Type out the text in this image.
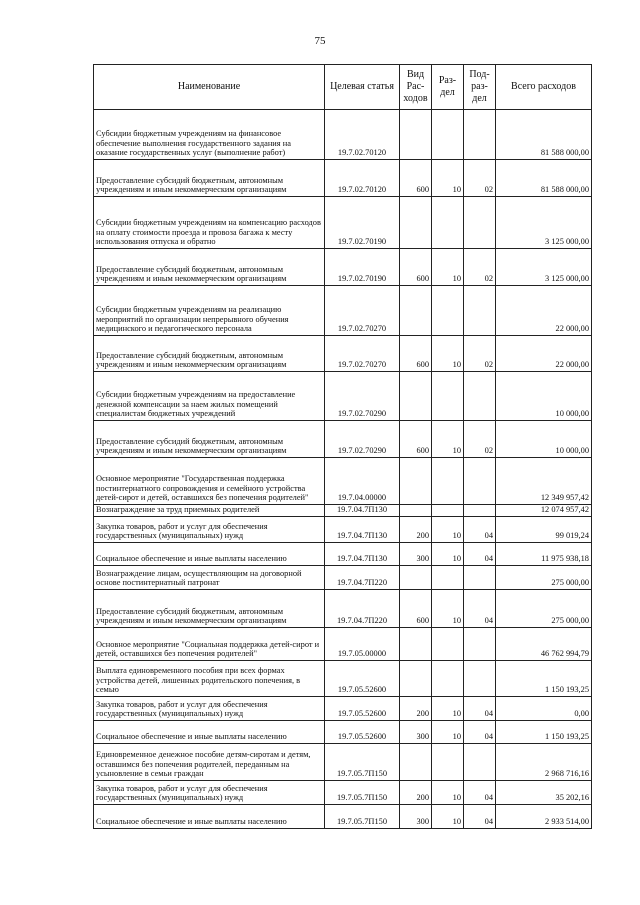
75
Наименование	Целевая статья	Вид Рас-ходов	Раз-дел	Под-раз-дел	Всего расходов
Субсидии бюджетным учреждениям на финансовое обеспечение выполнения государственного задания на оказание государственных услуг (выполнение работ)	19.7.02.70120				81 588 000,00
Предоставление субсидий бюджетным, автономным учреждениям и иным некоммерческим организациям	19.7.02.70120	600	10	02	81 588 000,00
Субсидии бюджетным учреждениям на компенсацию расходов на оплату стоимости проезда и провоза багажа к месту использования отпуска и обратно	19.7.02.70190				3 125 000,00
Предоставление субсидий бюджетным, автономным учреждениям и иным некоммерческим организациям	19.7.02.70190	600	10	02	3 125 000,00
Субсидии бюджетным учреждениям на реализацию мероприятий по организации непрерывного обучения медицинского и педагогического персонала	19.7.02.70270				22 000,00
Предоставление субсидий бюджетным, автономным учреждениям и иным некоммерческим организациям	19.7.02.70270	600	10	02	22 000,00
Субсидии бюджетным учреждениям на предоставление денежной компенсации за наем жилых помещений специалистам бюджетных учреждений	19.7.02.70290				10 000,00
Предоставление субсидий бюджетным, автономным учреждениям и иным некоммерческим организациям	19.7.02.70290	600	10	02	10 000,00
Основное мероприятие "Государственная поддержка постинтернатного сопровождения и семейного устройства детей-сирот и детей, оставшихся без попечения родителей"	19.7.04.00000				12 349 957,42
Вознаграждение за труд приемных родителей	19.7.04.7П130				12 074 957,42
Закупка товаров, работ и услуг для обеспечения государственных (муниципальных) нужд	19.7.04.7П130	200	10	04	99 019,24
Социальное обеспечение и иные выплаты населению	19.7.04.7П130	300	10	04	11 975 938,18
Вознаграждение лицам, осуществляющим на договорной основе постинтернатный патронат	19.7.04.7П220				275 000,00
Предоставление субсидий бюджетным, автономным учреждениям и иным некоммерческим организациям	19.7.04.7П220	600	10	04	275 000,00
Основное мероприятие "Социальная поддержка детей-сирот и детей, оставшихся без попечения родителей"	19.7.05.00000				46 762 994,79
Выплата единовременного пособия при всех формах устройства детей, лишенных родительского попечения, в семью	19.7.05.52600				1 150 193,25
Закупка товаров, работ и услуг для обеспечения государственных (муниципальных) нужд	19.7.05.52600	200	10	04	0,00
Социальное обеспечение и иные выплаты населению	19.7.05.52600	300	10	04	1 150 193,25
Единовременное денежное пособие детям-сиротам и детям, оставшимся без попечения родителей, переданным на усыновление в семьи граждан	19.7.05.7П150				2 968 716,16
Закупка товаров, работ и услуг для обеспечения государственных (муниципальных) нужд	19.7.05.7П150	200	10	04	35 202,16
Социальное обеспечение и иные выплаты населению	19.7.05.7П150	300	10	04	2 933 514,00
